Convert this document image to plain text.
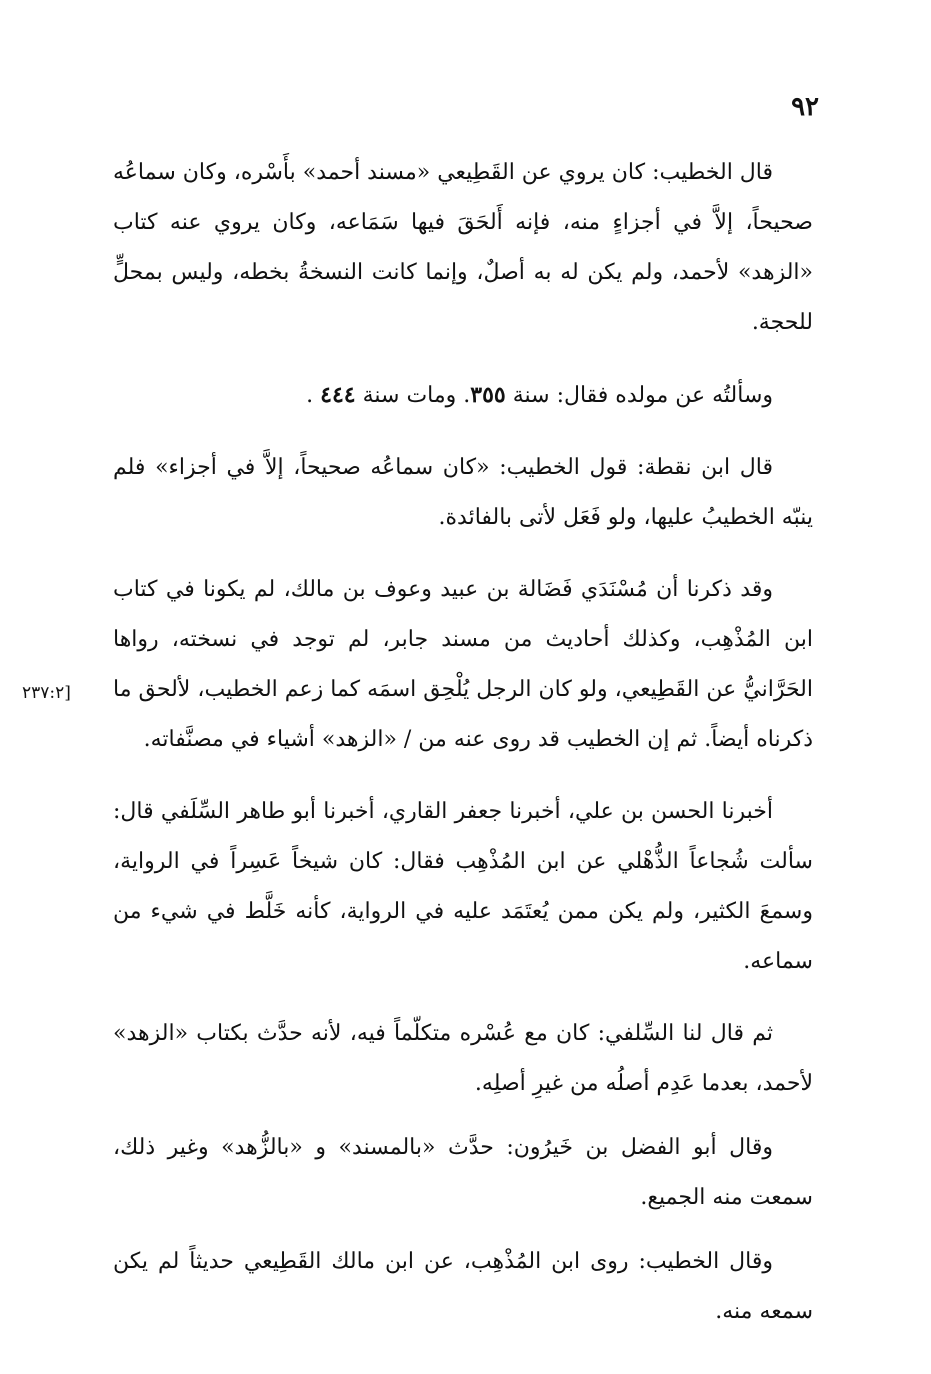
٩٢
[٢٣٧:٢

قال الخطيب: كان يروي عن القَطِيعي «مسند أحمد» بأَسْره، وكان سماعُه صحيحاً، إلاَّ في أجزاءٍ منه، فإنه أَلحَقَ فيها سَمَاعه، وكان يروي عنه كتاب «الزهد» لأحمد، ولم يكن له به أصلٌ، وإنما كانت النسخةُ بخطه، وليس بمحلٍّ للحجة.

وسألتُه عن مولده فقال: سنة ٣٥٥. ومات سنة ٤٤٤ .

قال ابن نقطة: قول الخطيب: «كان سماعُه صحيحاً، إلاَّ في أجزاء» فلم ينبّه الخطيبُ عليها، ولو فَعَل لأتى بالفائدة.

وقد ذكرنا أن مُسْنَدَي فَضَالة بن عبيد وعوف بن مالك، لم يكونا في كتاب ابن المُذْهِب، وكذلك أحاديث من مسند جابر، لم توجد في نسخته، رواها الحَرَّانيُّ عن القَطِيعي، ولو كان الرجل يُلْحِق اسمَه كما زعم الخطيب، لألحق ما ذكرناه أيضاً. ثم إن الخطيب قد روى عنه من / «الزهد» أشياء في مصنَّفاته.

أخبرنا الحسن بن علي، أخبرنا جعفر القاري، أخبرنا أبو طاهر السِّلَفي قال: سألت شُجاعاً الذُّهْلي عن ابن المُذْهِب فقال: كان شيخاً عَسِراً في الرواية، وسمعَ الكثير، ولم يكن ممن يُعتَمَد عليه في الرواية، كأنه خَلَّط في شيء من سماعه.

ثم قال لنا السِّلفي: كان مع عُسْره متكلّماً فيه، لأنه حدَّث بكتاب «الزهد» لأحمد، بعدما عَدِم أصلُه من غيرِ أصلِه.

وقال أبو الفضل بن خَيرُون: حدَّث «بالمسند» و «بالزُّهد» وغير ذلك، سمعت منه الجميع.

وقال الخطيب: روى ابن المُذْهِب، عن ابن مالك القَطِيعي حديثاً لم يكن سمعه منه.
